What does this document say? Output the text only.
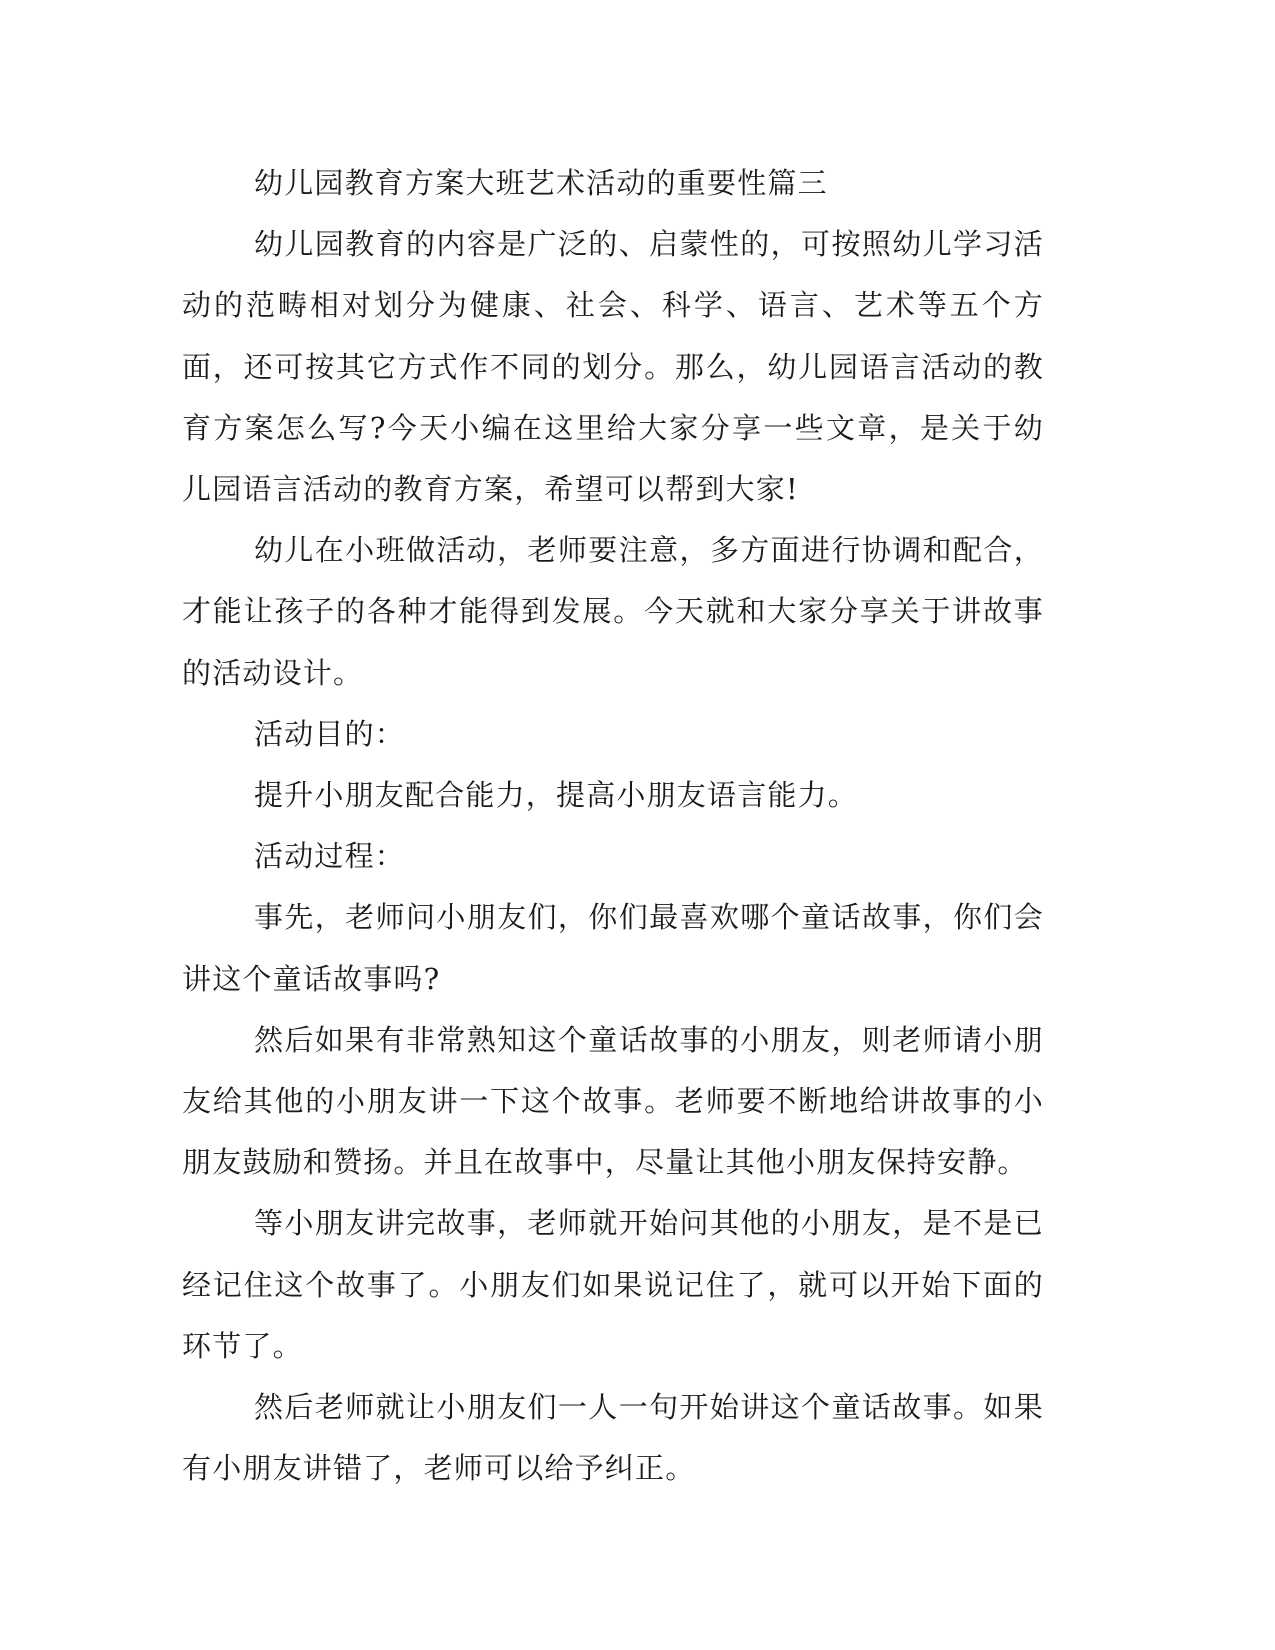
幼儿园教育方案大班艺术活动的重要性篇三

幼儿园教育的内容是广泛的、启蒙性的，可按照幼儿学习活动的范畴相对划分为健康、社会、科学、语言、艺术等五个方面，还可按其它方式作不同的划分。那么，幼儿园语言活动的教育方案怎么写?今天小编在这里给大家分享一些文章，是关于幼儿园语言活动的教育方案，希望可以帮到大家!

幼儿在小班做活动，老师要注意，多方面进行协调和配合，才能让孩子的各种才能得到发展。今天就和大家分享关于讲故事的活动设计。

活动目的：

提升小朋友配合能力，提高小朋友语言能力。

活动过程：

事先，老师问小朋友们，你们最喜欢哪个童话故事，你们会讲这个童话故事吗?

然后如果有非常熟知这个童话故事的小朋友，则老师请小朋友给其他的小朋友讲一下这个故事。老师要不断地给讲故事的小朋友鼓励和赞扬。并且在故事中，尽量让其他小朋友保持安静。

等小朋友讲完故事，老师就开始问其他的小朋友，是不是已经记住这个故事了。小朋友们如果说记住了，就可以开始下面的环节了。

然后老师就让小朋友们一人一句开始讲这个童话故事。如果有小朋友讲错了，老师可以给予纠正。
